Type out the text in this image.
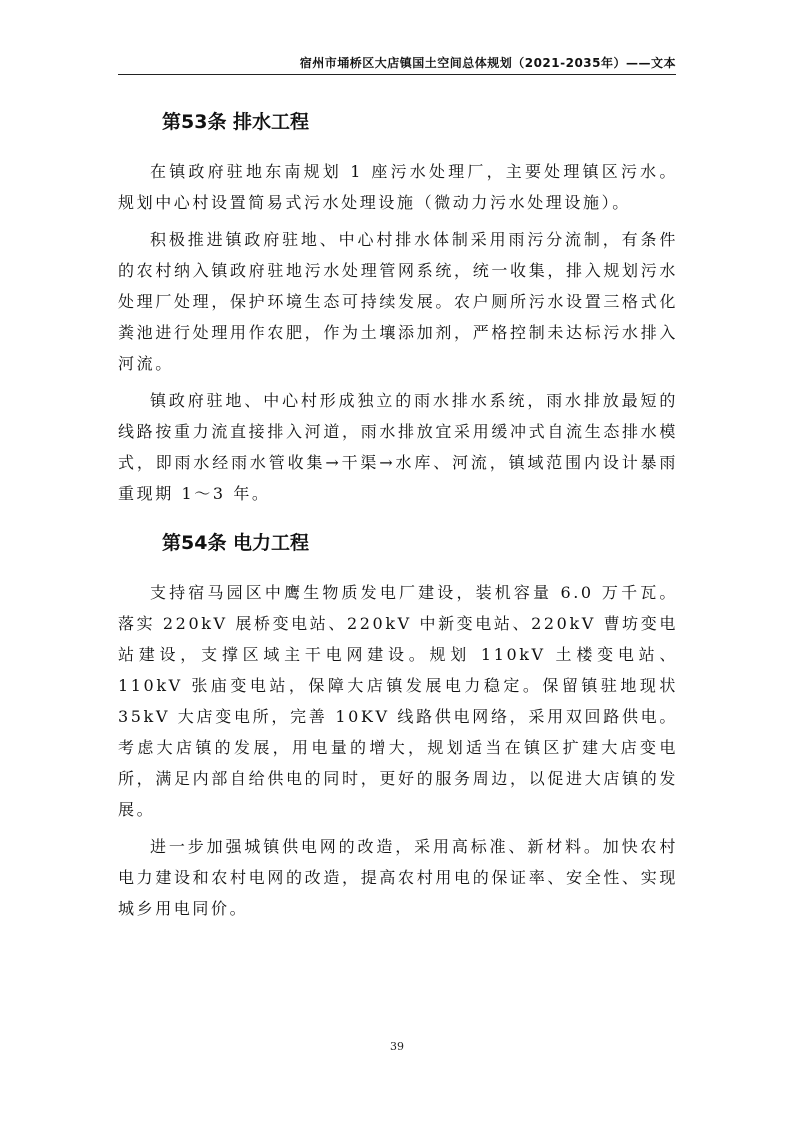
宿州市埇桥区大店镇国土空间总体规划（2021-2035年）——文本
第53条 排水工程

在镇政府驻地东南规划 1 座污水处理厂，主要处理镇区污水。规划中心村设置简易式污水处理设施（微动力污水处理设施）。

积极推进镇政府驻地、中心村排水体制采用雨污分流制，有条件的农村纳入镇政府驻地污水处理管网系统，统一收集，排入规划污水处理厂处理，保护环境生态可持续发展。农户厕所污水设置三格式化粪池进行处理用作农肥，作为土壤添加剂，严格控制未达标污水排入河流。

镇政府驻地、中心村形成独立的雨水排水系统，雨水排放最短的线路按重力流直接排入河道，雨水排放宜采用缓冲式自流生态排水模式，即雨水经雨水管收集→干渠→水库、河流，镇域范围内设计暴雨重现期 1～3 年。

第54条 电力工程

支持宿马园区中鹰生物质发电厂建设，装机容量 6.0 万千瓦。落实 220kV 展桥变电站、220kV 中新变电站、220kV 曹坊变电站建设，支撑区域主干电网建设。规划 110kV 土楼变电站、110kV 张庙变电站，保障大店镇发展电力稳定。保留镇驻地现状 35kV 大店变电所，完善 10KV 线路供电网络，采用双回路供电。考虑大店镇的发展，用电量的增大，规划适当在镇区扩建大店变电所，满足内部自给供电的同时，更好的服务周边，以促进大店镇的发展。

进一步加强城镇供电网的改造，采用高标准、新材料。加快农村电力建设和农村电网的改造，提高农村用电的保证率、安全性、实现城乡用电同价。

39
